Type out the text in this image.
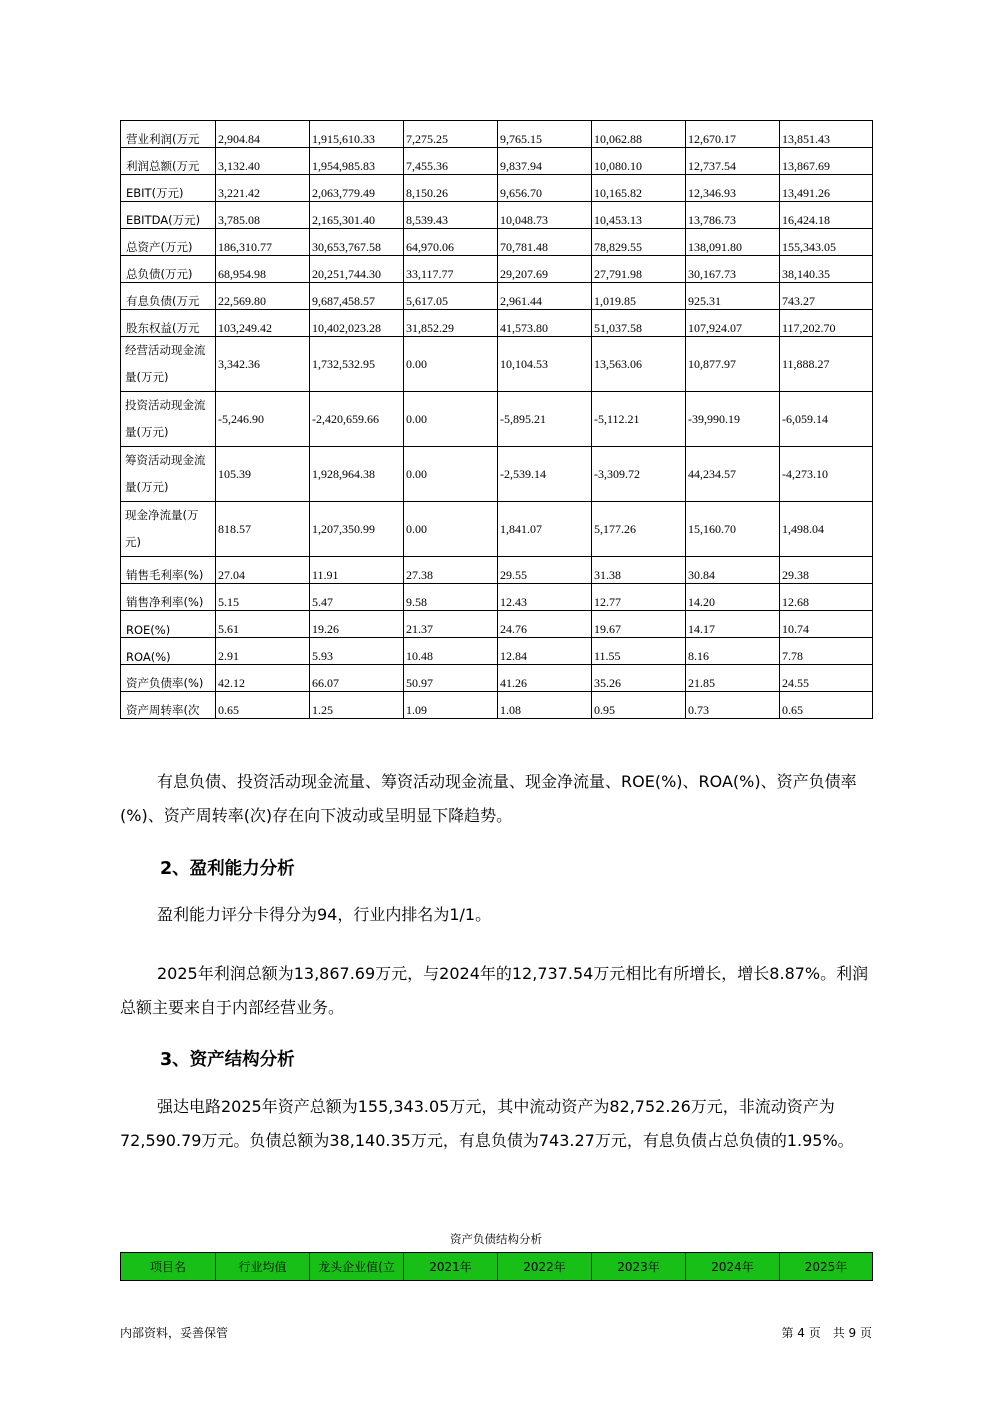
营业利润(万元	2,904.84	1,915,610.33	7,275.25	9,765.15	10,062.88	12,670.17	13,851.43
利润总额(万元	3,132.40	1,954,985.83	7,455.36	9,837.94	10,080.10	12,737.54	13,867.69
EBIT(万元)	3,221.42	2,063,779.49	8,150.26	9,656.70	10,165.82	12,346.93	13,491.26
EBITDA(万元)	3,785.08	2,165,301.40	8,539.43	10,048.73	10,453.13	13,786.73	16,424.18
总资产(万元)	186,310.77	30,653,767.58	64,970.06	70,781.48	78,829.55	138,091.80	155,343.05
总负债(万元)	68,954.98	20,251,744.30	33,117.77	29,207.69	27,791.98	30,167.73	38,140.35
有息负债(万元	22,569.80	9,687,458.57	5,617.05	2,961.44	1,019.85	925.31	743.27
股东权益(万元	103,249.42	10,402,023.28	31,852.29	41,573.80	51,037.58	107,924.07	117,202.70
经营活动现金流量(万元)	3,342.36	1,732,532.95	0.00	10,104.53	13,563.06	10,877.97	11,888.27
投资活动现金流量(万元)	-5,246.90	-2,420,659.66	0.00	-5,895.21	-5,112.21	-39,990.19	-6,059.14
筹资活动现金流量(万元)	105.39	1,928,964.38	0.00	-2,539.14	-3,309.72	44,234.57	-4,273.10
现金净流量(万元)	818.57	1,207,350.99	0.00	1,841.07	5,177.26	15,160.70	1,498.04
销售毛利率(%)	27.04	11.91	27.38	29.55	31.38	30.84	29.38
销售净利率(%)	5.15	5.47	9.58	12.43	12.77	14.20	12.68
ROE(%)	5.61	19.26	21.37	24.76	19.67	14.17	10.74
ROA(%)	2.91	5.93	10.48	12.84	11.55	8.16	7.78
资产负债率(%)	42.12	66.07	50.97	41.26	35.26	21.85	24.55
资产周转率(次	0.65	1.25	1.09	1.08	0.95	0.73	0.65

有息负债、投资活动现金流量、筹资活动现金流量、现金净流量、ROE(%)、ROA(%)、资产负债率(%)、资产周转率(次)存在向下波动或呈明显下降趋势。

2、盈利能力分析

盈利能力评分卡得分为94，行业内排名为1/1。

2025年利润总额为13,867.69万元，与2024年的12,737.54万元相比有所增长，增长8.87%。利润总额主要来自于内部经营业务。

3、资产结构分析

强达电路2025年资产总额为155,343.05万元，其中流动资产为82,752.26万元，非流动资产为72,590.79万元。负债总额为38,140.35万元，有息负债为743.27万元，有息负债占总负债的1.95%。

资产负债结构分析
项目名	行业均值	龙头企业值(立	2021年	2022年	2023年	2024年	2025年
内部资料，妥善保管	第 4 页　共 9 页
